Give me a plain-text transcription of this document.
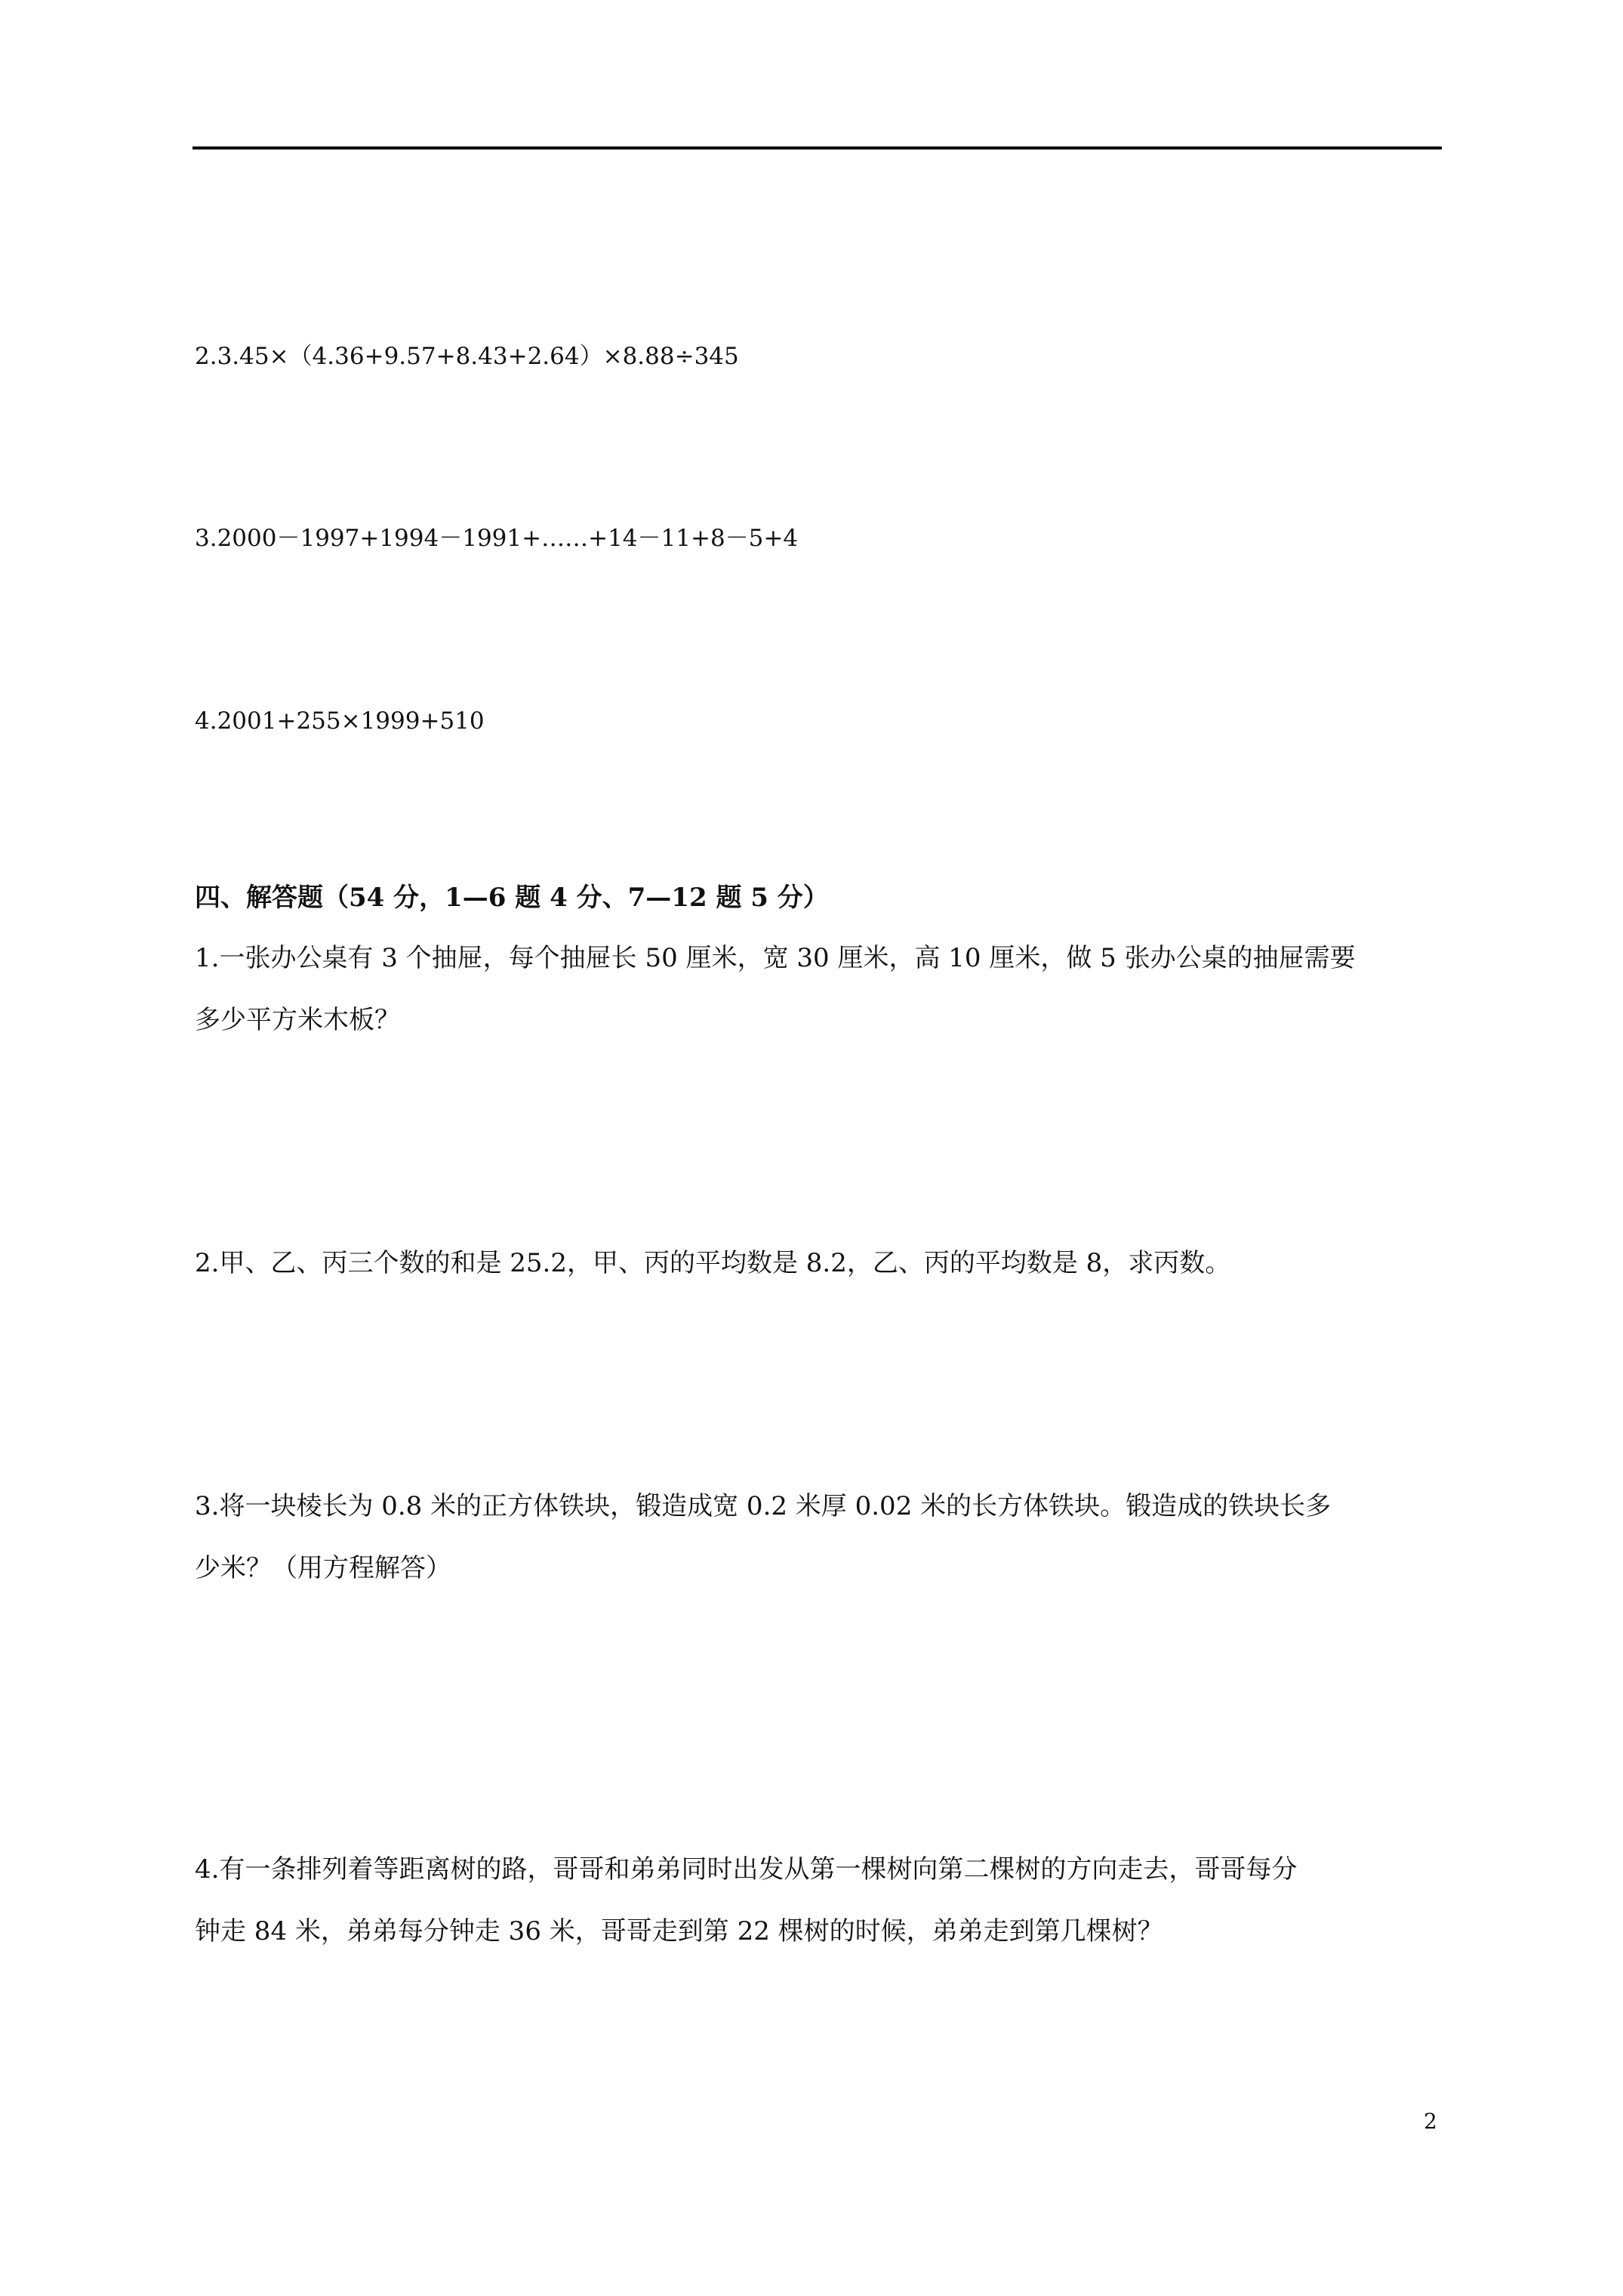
2.3.45×（4.36+9.57+8.43+2.64）×8.88÷345
3.2000－1997+1994－1991+……+14－11+8－5+4
4.2001+255×1999+510
四、解答题（54 分，1—6 题 4 分、7—12 题 5 分）
1.一张办公桌有 3 个抽屉，每个抽屉长 50 厘米，宽 30 厘米，高 10 厘米，做 5 张办公桌的抽屉需要
多少平方米木板？
2.甲、乙、丙三个数的和是 25.2，甲、丙的平均数是 8.2，乙、丙的平均数是 8，求丙数。
3.将一块棱长为 0.8 米的正方体铁块，锻造成宽 0.2 米厚 0.02 米的长方体铁块。锻造成的铁块长多
少米？（用方程解答）
4.有一条排列着等距离树的路，哥哥和弟弟同时出发从第一棵树向第二棵树的方向走去，哥哥每分
钟走 84 米，弟弟每分钟走 36 米，哥哥走到第 22 棵树的时候，弟弟走到第几棵树？
2
